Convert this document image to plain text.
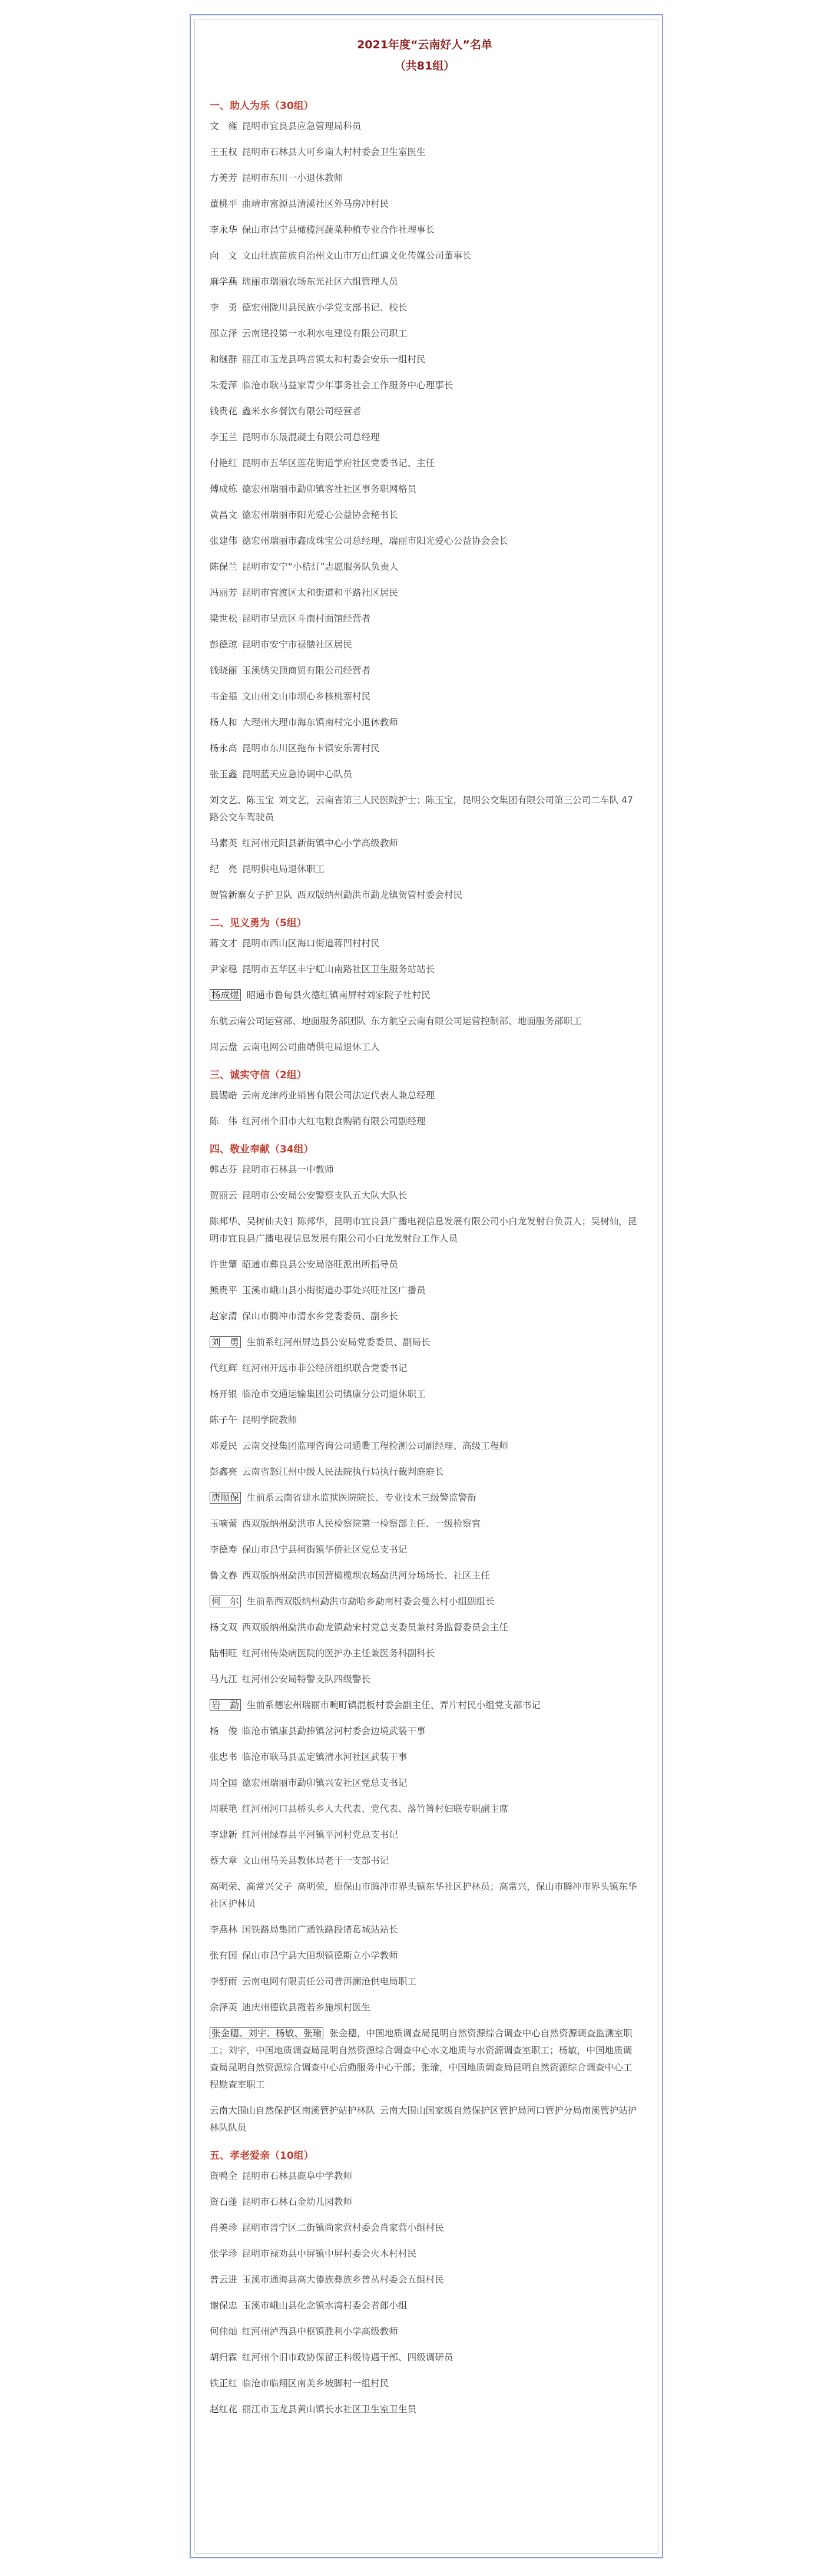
2021年度“云南好人”名单
（共81组）
一、助人为乐（30组）
文　雍 昆明市宜良县应急管理局科员
王玉权 昆明市石林县大可乡南大村村委会卫生室医生
方美芳 昆明市东川一小退休教师
董桃平 曲靖市富源县清溪社区外马房冲村民
李永华 保山市昌宁县橄榄河蔬菜种植专业合作社理事长
向　文 文山壮族苗族自治州文山市万山红遍文化传媒公司董事长
麻学燕 瑞丽市瑞丽农场东光社区六组管理人员
李　勇 德宏州陇川县民族小学党支部书记、校长
邵立泽 云南建投第一水利水电建设有限公司职工
和继群 丽江市玉龙县鸣音镇太和村委会安乐一组村民
朱爱萍 临沧市耿马益家青少年事务社会工作服务中心理事长
钱贵花 鑫米水乡餐饮有限公司经营者
李玉兰 昆明市东晟混凝土有限公司总经理
付艳红 昆明市五华区莲花街道学府社区党委书记、主任
傅成栋 德宏州瑞丽市勐卯镇客社社区事务职网格员
黄昌文 德宏州瑞丽市阳光爱心公益协会秘书长
张建伟 德宏州瑞丽市鑫成珠宝公司总经理，瑞丽市阳光爱心公益协会会长
陈保兰 昆明市安宁“小桔灯”志愿服务队负责人
冯丽芳 昆明市官渡区太和街道和平路社区居民
梁世松 昆明市呈贡区斗南村面馆经营者
彭德琼 昆明市安宁市禄脿社区居民
钱晓丽 玉溪绣尖顶商贸有限公司经营者
韦金福 文山州文山市坝心乡核桃寨村民
杨人和 大理州大理市海东镇南村完小退休教师
杨永高 昆明市东川区拖布卡镇安乐箐村民
张玉鑫 昆明蓝天应急协调中心队员
刘文艺、陈玉宝 刘文艺，云南省第三人民医院护士；陈玉宝，昆明公交集团有限公司第三公司二车队 47 路公交车驾驶员
马素英 红河州元阳县新街镇中心小学高级教师
纪　亮 昆明供电局退休职工
贺管新寨女子护卫队 西双版纳州勐洪市勐龙镇贺管村委会村民
二、见义勇为（5组）
蒋文才 昆明市西山区海口街道蒋凹村村民
尹家稳 昆明市五华区丰宁虹山南路社区卫生服务站站长
杨成煜 昭通市鲁甸县火德红镇南屏村刘家院子社村民
东航云南公司运营部、地面服务部团队 东方航空云南有限公司运营控制部、地面服务部职工
周云盘 云南电网公司曲靖供电局退休工人
三、诚实守信（2组）
晨锡皓 云南龙津药业销售有限公司法定代表人兼总经理
陈　伟 红河州个旧市大红屯粮食购销有限公司副经理
四、敬业奉献（34组）
韩志芬 昆明市石林县一中教师
贺丽云 昆明市公安局公安警察支队五大队大队长
陈邦华、吴树仙夫妇 陈邦华，昆明市宜良县广播电视信息发展有限公司小白龙发射台负责人；吴树仙，昆明市宜良县广播电视信息发展有限公司小白龙发射台工作人员
许世肇 昭通市彝良县公安局洛旺派出所指导员
熊贵平 玉溪市峨山县小街街道办事处兴旺社区广播员
赵家清 保山市腾冲市清水乡党委委员、副乡长
刘　勇 生前系红河州屏边县公安局党委委员、副局长
代红辉 红河州开远市非公经济组织联合党委书记
杨开银 临沧市交通运输集团公司镇康分公司退休职工
陈子午 昆明学院教师
邓爱民 云南交投集团监理咨询公司通衢工程检测公司副经理、高级工程师
彭鑫亮 云南省怒江州中级人民法院执行局执行裁判庭庭长
唐顺保 生前系云南省建水监狱医院院长、专业技术三级警监警衔
玉嘀蕾 西双版纳州勐洪市人民检察院第一检察部主任、一级检察官
李德寿 保山市昌宁县柯街镇华侨社区党总支书记
鲁文春 西双版纳州勐洪市国营橄榄坝农场勐洪河分场场长、社区主任
何　尔 生前系西双版纳州勐洪市勐哈乡勐南村委会曼么村小组副组长
杨文双 西双版纳州勐洪市勐龙镇勐宋村党总支委员兼村务监督委员会主任
陆相旺 红河州传染病医院的医护办主任兼医务科副科长
马九江 红河州公安局特警支队四级警长
岩　勐 生前系德宏州瑞丽市畹町镇混板村委会副主任、弄片村民小组党支部书记
杨　俊 临沧市镇康县勐捧镇岔河村委会边境武装干事
张忠书 临沧市耿马县孟定镇清水河社区武装干事
周全国 德宏州瑞丽市勐卯镇兴安社区党总支书记
周联艳 红河州河口县桥头乡人大代表、党代表、落竹箐村妇联专职副主席
李建新 红河州绿春县平河镇平河村党总支书记
蔡大章 文山州马关县教体局老干一支部书记
高明荣、高常兴父子 高明荣，原保山市腾冲市界头镇东华社区护林员；高常兴，保山市腾冲市界头镇东华社区护林员
李燕林 国铁路局集团广通铁路段诸葛城站站长
张有国 保山市昌宁县大田坝镇德斯立小学教师
李舒雨 云南电网有限责任公司普洱澜沧供电局职工
余泽英 迪庆州德钦县霞若乡施坝村医生
张金穗、刘宇、杨敏、张瑜 张金穗，中国地质调查局昆明自然资源综合调查中心自然资源调查监测室职工；刘宇，中国地质调查局昆明自然资源综合调查中心水文地质与水资源调查室职工；杨敏，中国地质调查局昆明自然资源综合调查中心后勤服务中心干部；张瑜，中国地质调查局昆明自然资源综合调查中心工程勘查室职工
云南大围山自然保护区南溪管护站护林队 云南大围山国家级自然保护区管护局河口管护分局南溪管护站护林队队员
五、孝老爱亲（10组）
资鸭全 昆明市石林县鹿阜中学教师
资石蓬 昆明市石林石金幼儿园教师
肖美珍 昆明市晋宁区二街镇尚家营村委会肖家营小组村民
张学珍 昆明市禄劝县中屏镇中屏村委会火木村村民
普云进 玉溪市通海县高大傣族彝族乡普丛村委会五组村民
谢保忠 玉溪市峨山县化念镇水湾村委会者郎小组
何伟灿 红河州泸西县中枢镇胜利小学高级教师
胡归霖 红河州个旧市政协保留正科级待遇干部、四级调研员
铁正红 临沧市临翔区南美乡坡脚村一组村民
赵红花 丽江市玉龙县黄山镇长水社区卫生室卫生员
